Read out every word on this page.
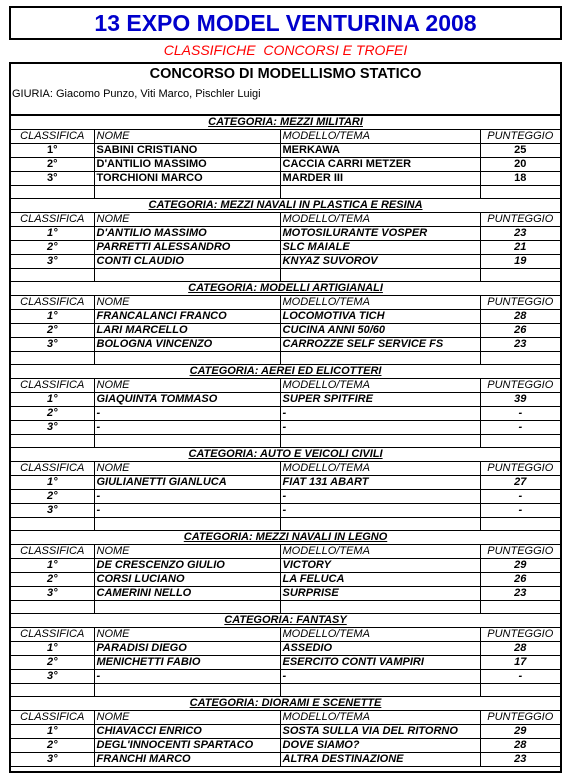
13 EXPO MODEL VENTURINA 2008
CLASSIFICHE  CONCORSI E TROFEI
CONCORSO DI MODELLISMO STATICO
GIURIA: Giacomo Punzo, Viti Marco, Pischler Luigi
CATEGORIA: MEZZI MILITARI			
CLASSIFICA	NOME	MODELLO/TEMA	PUNTEGGIO
1°	SABINI CRISTIANO	MERKAWA	25
2°	D'ANTILIO MASSIMO	CACCIA CARRI METZER	20
3°	TORCHIONI MARCO	MARDER III	18

CATEGORIA: MEZZI NAVALI IN PLASTICA E RESINA			
CLASSIFICA	NOME	MODELLO/TEMA	PUNTEGGIO
1°	D'ANTILIO MASSIMO	MOTOSILURANTE VOSPER	23
2°	PARRETTI ALESSANDRO	SLC MAIALE	21
3°	CONTI CLAUDIO	KNYAZ SUVOROV	19

CATEGORIA: MODELLI ARTIGIANALI			
CLASSIFICA	NOME	MODELLO/TEMA	PUNTEGGIO
1°	FRANCALANCI FRANCO	LOCOMOTIVA TICH	28
2°	LARI MARCELLO	CUCINA ANNI 50/60	26
3°	BOLOGNA VINCENZO	CARROZZE SELF SERVICE FS	23

CATEGORIA: AEREI ED ELICOTTERI			
CLASSIFICA	NOME	MODELLO/TEMA	PUNTEGGIO
1°	GIAQUINTA TOMMASO	SUPER SPITFIRE	39
2°	-	-	-
3°	-	-	-

CATEGORIA: AUTO E VEICOLI CIVILI			
CLASSIFICA	NOME	MODELLO/TEMA	PUNTEGGIO
1°	GIULIANETTI GIANLUCA	FIAT 131 ABART	27
2°	-	-	-
3°	-	-	-

CATEGORIA: MEZZI NAVALI IN LEGNO			
CLASSIFICA	NOME	MODELLO/TEMA	PUNTEGGIO
1°	DE CRESCENZO GIULIO	VICTORY	29
2°	CORSI LUCIANO	LA FELUCA	26
3°	CAMERINI NELLO	SURPRISE	23

CATEGORIA: FANTASY			
CLASSIFICA	NOME	MODELLO/TEMA	PUNTEGGIO
1°	PARADISI DIEGO	ASSEDIO	28
2°	MENICHETTI FABIO	ESERCITO CONTI VAMPIRI	17
3°	-	-	-

CATEGORIA: DIORAMI E SCENETTE			
CLASSIFICA	NOME	MODELLO/TEMA	PUNTEGGIO
1°	CHIAVACCI ENRICO	SOSTA SULLA VIA DEL RITORNO	29
2°	DEGL'INNOCENTI SPARTACO	DOVE SIAMO?	28
3°	FRANCHI MARCO	ALTRA DESTINAZIONE	23
